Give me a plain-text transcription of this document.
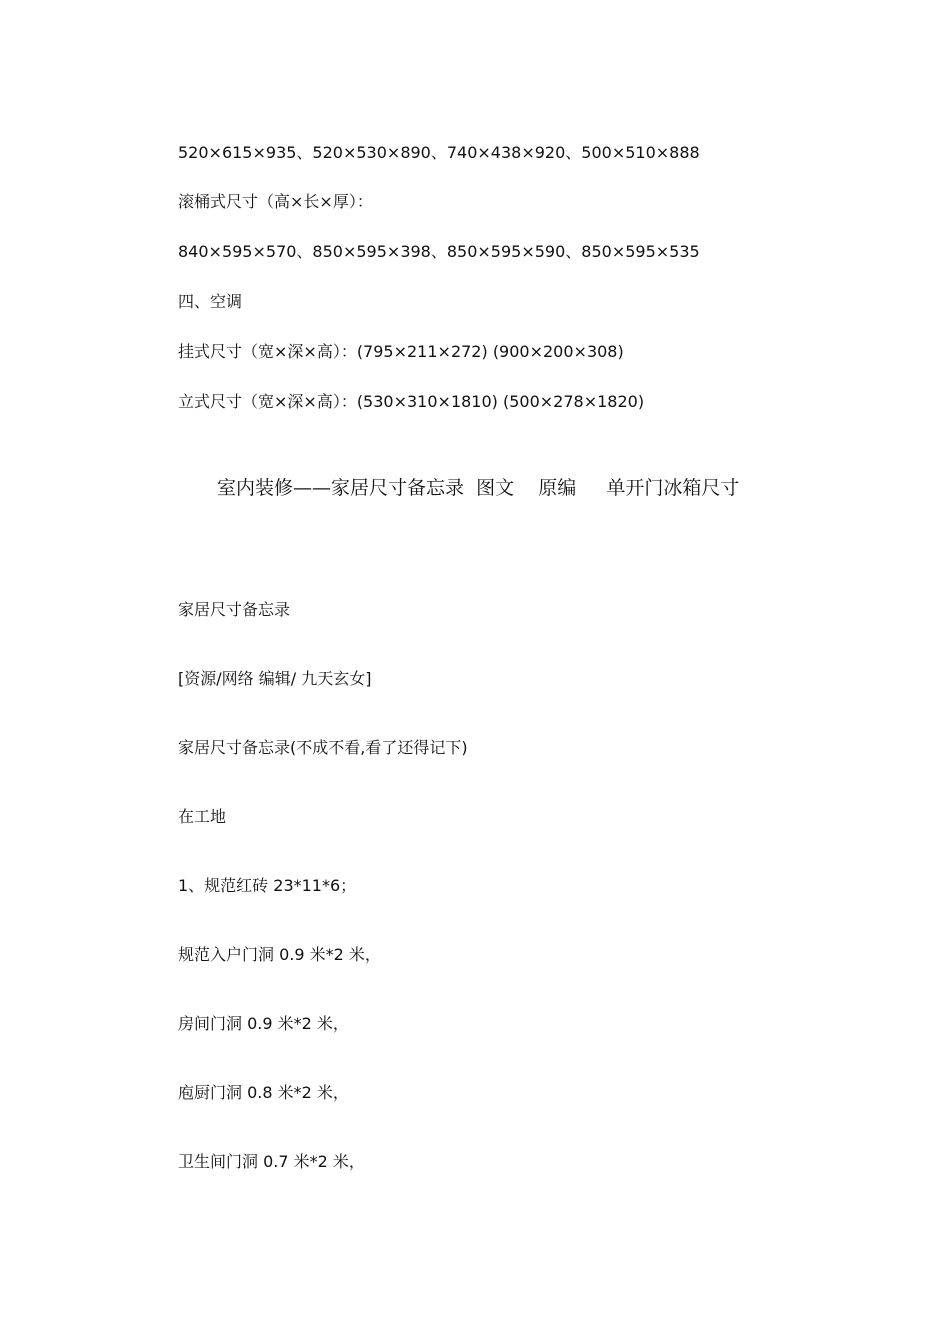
520×615×935、520×530×890、740×438×920、500×510×888

滚桶式尺寸（高×长×厚）：

840×595×570、850×595×398、850×595×590、850×595×535

四、空调

挂式尺寸（宽×深×高）：(795×211×272) (900×200×308)

立式尺寸（宽×深×高）：(530×310×1810) (500×278×1820)

室内装修——家居尺寸备忘录  图文    原编     单开门冰箱尺寸

家居尺寸备忘录

[资源/网络 编辑/ 九天玄女]

家居尺寸备忘录(不成不看,看了还得记下)

在工地

1、规范红砖 23*11*6；

规范入户门洞 0.9 米*2 米，

房间门洞 0.9 米*2 米，

庖厨门洞 0.8 米*2 米，

卫生间门洞 0.7 米*2 米，
